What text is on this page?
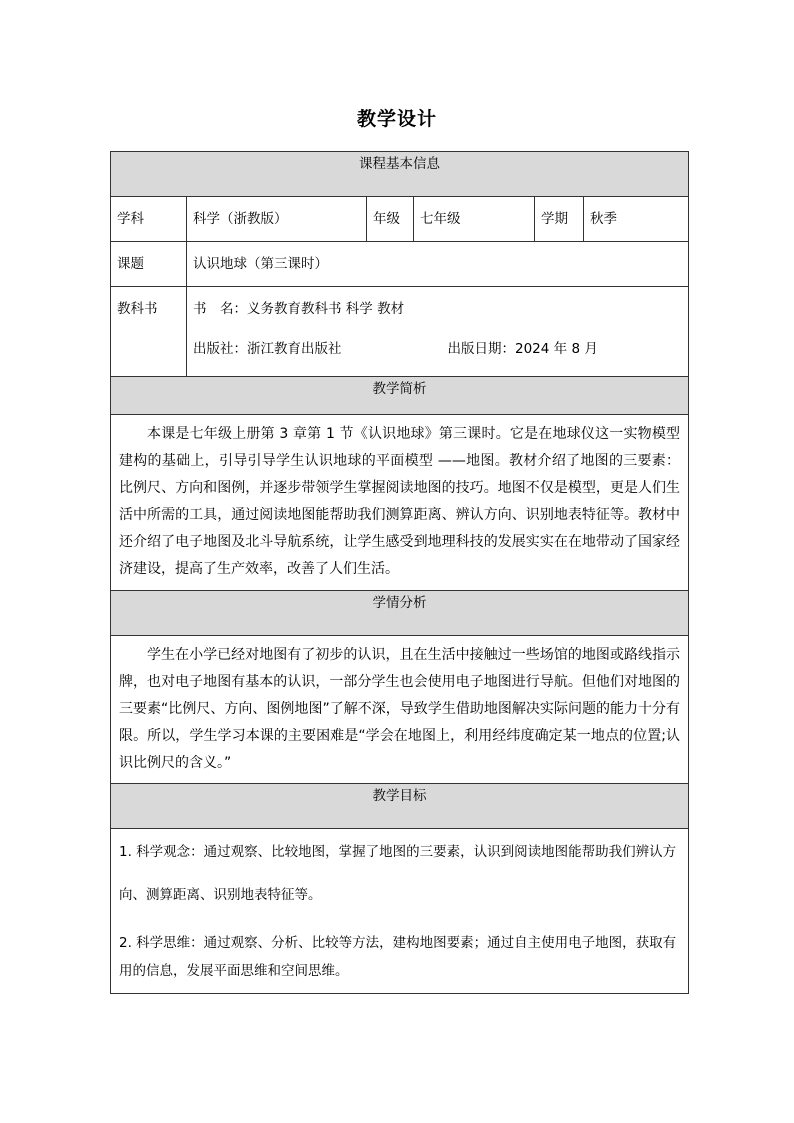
教学设计
课程基本信息					
学科	科学（浙教版）	年级	七年级	学期	秋季
课题	认识地球（第三课时）				
教科书	书　名：义务教育教科书 科学 教材
出版社：浙江教育出版社 出版日期：2024 年 8 月				

教学简析					
本课是七年级上册第 3 章第 1 节《认识地球》第三课时。它是在地球仪这一实物模型建构的基础上，引导引导学生认识地球的平面模型 ——地图。教材介绍了地图的三要素：比例尺、方向和图例，并逐步带领学生掌握阅读地图的技巧。地图不仅是模型，更是人们生活中所需的工具，通过阅读地图能帮助我们测算距离、辨认方向、识别地表特征等。教材中还介绍了电子地图及北斗导航系统，让学生感受到地理科技的发展实实在在地带动了国家经济建设，提高了生产效率，改善了人们生活。					
学情分析					
学生在小学已经对地图有了初步的认识，且在生活中接触过一些场馆的地图或路线指示牌，也对电子地图有基本的认识，一部分学生也会使用电子地图进行导航。但他们对地图的三要素“比例尺、方向、图例地图”了解不深，导致学生借助地图解决实际问题的能力十分有限。所以，学生学习本课的主要困难是“学会在地图上，利用经纬度确定某一地点的位置;认识比例尺的含义。”					
教学目标					

1. 科学观念：通过观察、比较地图，掌握了地图的三要素，认识到阅读地图能帮助我们辨认方向、测算距离、识别地表特征等。

2. 科学思维：通过观察、分析、比较等方法，建构地图要素；通过自主使用电子地图，获取有用的信息，发展平面思维和空间思维。					
